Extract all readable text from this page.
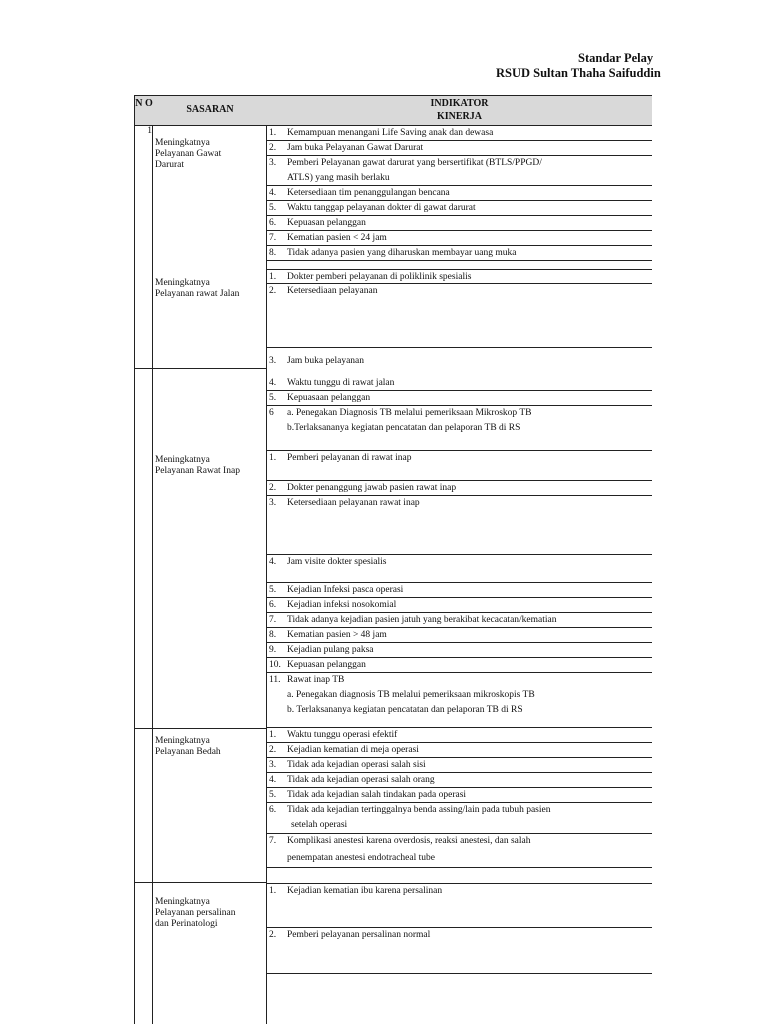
Standar Pelay
RSUD Sultan Thaha Saifuddin
N O
SASARAN
INDIKATOR
KINERJA
1
Meningkatnya
Pelayanan Gawat
Darurat
Meningkatnya
Pelayanan rawat Jalan
Meningkatnya
Pelayanan Rawat Inap
Meningkatnya
Pelayanan Bedah
Meningkatnya
Pelayanan persalinan
dan Perinatologi
1. Kemampuan menangani Life Saving anak dan dewasa
2. Jam buka Pelayanan Gawat Darurat
3. Pemberi Pelayanan gawat darurat yang bersertifikat (BTLS/PPGD/
ATLS) yang masih berlaku
4. Ketersediaan tim penanggulangan bencana
5. Waktu tanggap pelayanan dokter di gawat darurat
6. Kepuasan pelanggan
7. Kematian pasien < 24 jam
8. Tidak adanya pasien yang diharuskan membayar uang muka
1. Dokter pemberi pelayanan di poliklinik spesialis
2. Ketersediaan pelayanan
3. Jam buka pelayanan
4. Waktu tunggu di rawat jalan
5. Kepuasaan pelanggan
6 a. Penegakan Diagnosis TB melalui pemeriksaan Mikroskop TB
b.Terlaksananya kegiatan pencatatan dan pelaporan TB di RS
1. Pemberi pelayanan di rawat inap
2. Dokter penanggung jawab pasien rawat inap
3. Ketersediaan pelayanan rawat inap
4. Jam visite dokter spesialis
5. Kejadian Infeksi pasca operasi
6. Kejadian infeksi nosokomial
7. Tidak adanya kejadian pasien jatuh yang berakibat kecacatan/kematian
8. Kematian pasien > 48 jam
9. Kejadian pulang paksa
10. Kepuasan pelanggan
11. Rawat inap TB
a. Penegakan diagnosis TB melalui pemeriksaan mikroskopis TB
b. Terlaksananya kegiatan pencatatan dan pelaporan TB di RS
1. Waktu tunggu operasi efektif
2. Kejadian kematian di meja operasi
3. Tidak ada kejadian operasi salah sisi
4. Tidak ada kejadian operasi salah orang
5. Tidak ada kejadian salah tindakan pada operasi
6. Tidak ada kejadian tertinggalnya benda assing/lain pada tubuh pasien
setelah operasi
7. Komplikasi anestesi karena overdosis, reaksi anestesi, dan salah
penempatan anestesi endotracheal tube
1. Kejadian kematian ibu karena persalinan
2. Pemberi pelayanan persalinan normal
